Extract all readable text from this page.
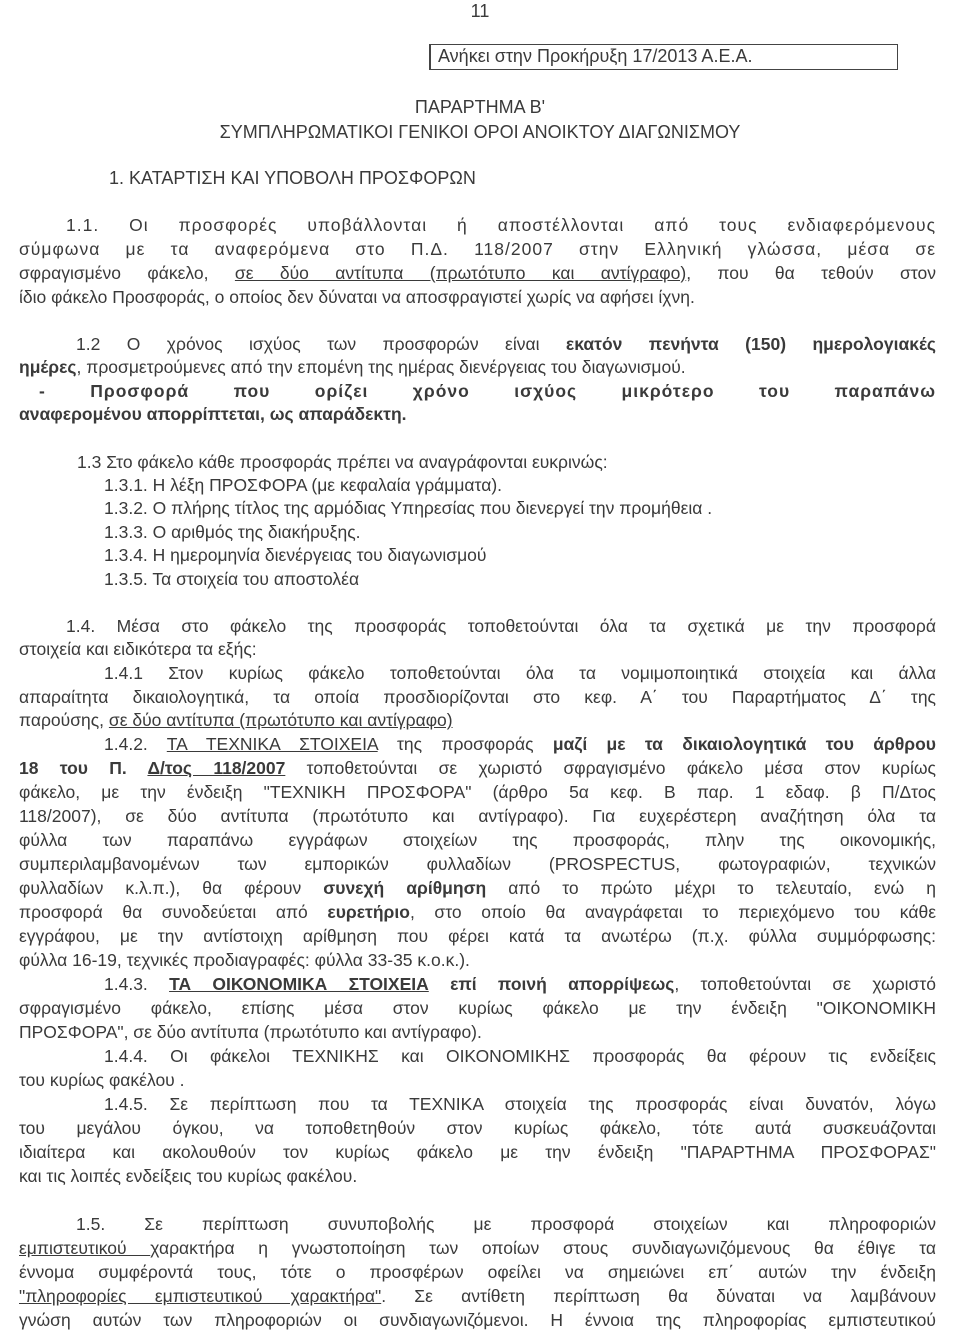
11
Ανήκει στην Προκήρυξη 17/2013 Α.Ε.Α.
ΠΑΡΑΡΤΗΜΑ Β'
ΣΥΜΠΛΗΡΩΜΑΤΙΚΟΙ ΓΕΝΙΚΟΙ ΟΡΟΙ ΑΝΟΙΚΤΟΥ ΔΙΑΓΩΝΙΣΜΟΥ
1. ΚΑΤΑΡΤΙΣΗ ΚΑΙ ΥΠΟΒΟΛΗ ΠΡΟΣΦΟΡΩΝ
1.1. Οι προσφορές υποβάλλονται ή αποστέλλονται από τους ενδιαφερόμενους
σύμφωνα με τα αναφερόμενα στο Π.Δ. 118/2007 στην Ελληνική γλώσσα, μέσα σε
σφραγισμένο φάκελο, σε δύο αντίτυπα (πρωτότυπο και αντίγραφο), που θα τεθούν στον
ίδιο φάκελο Προσφοράς, ο οποίος δεν δύναται να αποσφραγιστεί χωρίς να αφήσει ίχνη.
1.2 Ο χρόνος ισχύος των προσφορών είναι εκατόν πενήντα (150) ημερολογιακές
ημέρες, προσμετρούμενες από την επομένη της ημέρας διενέργειας του διαγωνισμού.
- Προσφορά που ορίζει χρόνο ισχύος μικρότερο του παραπάνω
αναφερομένου απορρίπτεται, ως απαράδεκτη.
1.3 Στο φάκελο κάθε προσφοράς πρέπει να αναγράφονται ευκρινώς:
1.3.1. Η λέξη ΠΡΟΣΦΟΡΑ (με κεφαλαία γράμματα).
1.3.2. Ο πλήρης τίτλος της αρμόδιας Υπηρεσίας που διενεργεί την προμήθεια .
1.3.3. Ο αριθμός της διακήρυξης.
1.3.4. Η ημερομηνία διενέργειας του διαγωνισμού
1.3.5. Τα στοιχεία του αποστολέα
1.4. Μέσα στο φάκελο της προσφοράς τοποθετούνται όλα τα σχετικά με την προσφορά
στοιχεία και ειδικότερα τα εξής:
1.4.1 Στον κυρίως φάκελο τοποθετούνται όλα τα νομιμοποιητικά στοιχεία και άλλα
απαραίτητα δικαιολογητικά, τα οποία προσδιορίζονται στο κεφ. Α΄ του Παραρτήματος Δ΄ της
παρούσης, σε δύο αντίτυπα (πρωτότυπο και αντίγραφο)
1.4.2. ΤΑ ΤΕΧΝΙΚΑ ΣΤΟΙΧΕΙΑ της προσφοράς μαζί με τα δικαιολογητικά του άρθρου
18 του Π. Δ/τος 118/2007 τοποθετούνται σε χωριστό σφραγισμένο φάκελο μέσα στον κυρίως
φάκελο, με την ένδειξη "ΤΕΧΝΙΚΗ ΠΡΟΣΦΟΡΑ" (άρθρο 5α κεφ. Β παρ. 1 εδαφ. β Π/Δτος
118/2007), σε δύο αντίτυπα (πρωτότυπο και αντίγραφο). Για ευχερέστερη αναζήτηση όλα τα
φύλλα των παραπάνω εγγράφων στοιχείων της προσφοράς, πλην της οικονομικής,
συμπεριλαμβανομένων των εμπορικών φυλλαδίων (PROSPECTUS, φωτογραφιών, τεχνικών
φυλλαδίων κ.λ.π.), θα φέρουν συνεχή αρίθμηση από το πρώτο μέχρι το τελευταίο, ενώ η
προσφορά θα συνοδεύεται από ευρετήριο, στο οποίο θα αναγράφεται το περιεχόμενο του κάθε
εγγράφου, με την αντίστοιχη αρίθμηση που φέρει κατά τα ανωτέρω (π.χ. φύλλα συμμόρφωσης:
φύλλα 16-19, τεχνικές προδιαγραφές: φύλλα 33-35 κ.ο.κ.).
1.4.3. ΤΑ ΟΙΚΟΝΟΜΙΚΑ ΣΤΟΙΧΕΙΑ επί ποινή απορρίψεως, τοποθετούνται σε χωριστό
σφραγισμένο φάκελο, επίσης μέσα στον κυρίως φάκελο με την ένδειξη "ΟΙΚΟΝΟΜΙΚΗ
ΠΡΟΣΦΟΡΑ", σε δύο αντίτυπα (πρωτότυπο και αντίγραφο).
1.4.4. Οι φάκελοι ΤΕΧΝΙΚΗΣ και ΟΙΚΟΝΟΜΙΚΗΣ προσφοράς θα φέρουν τις ενδείξεις
του κυρίως φακέλου .
1.4.5. Σε περίπτωση που τα ΤΕΧΝΙΚΑ στοιχεία της προσφοράς είναι δυνατόν, λόγω
του μεγάλου όγκου, να τοποθετηθούν στον κυρίως φάκελο, τότε αυτά συσκευάζονται
ιδιαίτερα και ακολουθούν τον κυρίως φάκελο με την ένδειξη "ΠΑΡΑΡΤΗΜΑ ΠΡΟΣΦΟΡΑΣ"
και τις λοιπές ενδείξεις του κυρίως φακέλου.
1.5. Σε περίπτωση συνυποβολής με προσφορά στοιχείων και πληροφοριών
εμπιστευτικού χαρακτήρα η γνωστοποίηση των οποίων στους συνδιαγωνιζόμενους θα έθιγε τα
έννομα συμφέροντά τους, τότε ο προσφέρων οφείλει να σημειώνει επ΄ αυτών την ένδειξη
"πληροφορίες εμπιστευτικού χαρακτήρα". Σε αντίθετη περίπτωση θα δύναται να λαμβάνουν
γνώση αυτών των πληροφοριών οι συνδιαγωνιζόμενοι. Η έννοια της πληροφορίας εμπιστευτικού
